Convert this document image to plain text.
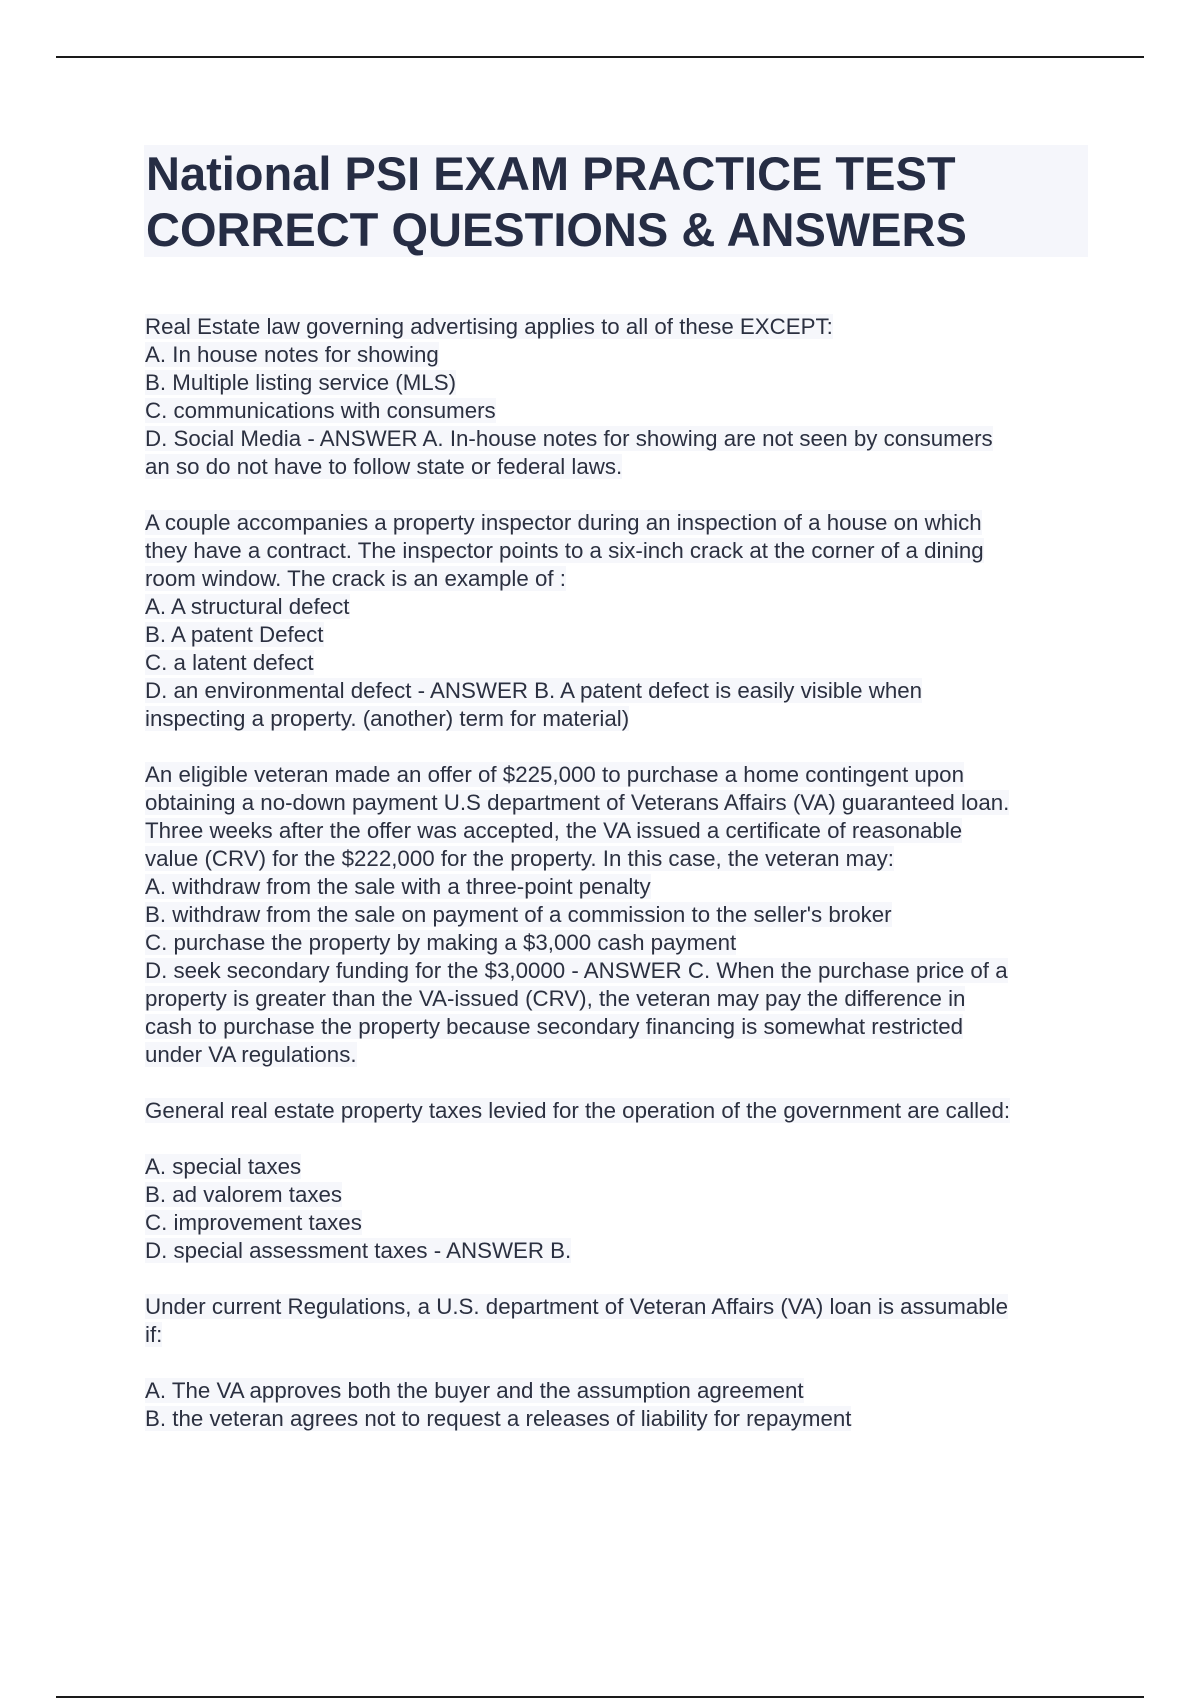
National PSI EXAM PRACTICE TEST
CORRECT QUESTIONS & ANSWERS
Real Estate law governing advertising applies to all of these EXCEPT:
A. In house notes for showing
B. Multiple listing service (MLS)
C. communications with consumers
D. Social Media - ANSWER A. In-house notes for showing are not seen by consumers
an so do not have to follow state or federal laws.
A couple accompanies a property inspector during an inspection of a house on which
they have a contract. The inspector points to a six-inch crack at the corner of a dining
room window. The crack is an example of :
A. A structural defect
B. A patent Defect
C. a latent defect
D. an environmental defect - ANSWER B. A patent defect is easily visible when
inspecting a property. (another) term for material)
An eligible veteran made an offer of $225,000 to purchase a home contingent upon
obtaining a no-down payment U.S department of Veterans Affairs (VA) guaranteed loan.
Three weeks after the offer was accepted, the VA issued a certificate of reasonable
value (CRV) for the $222,000 for the property. In this case, the veteran may:
A. withdraw from the sale with a three-point penalty
B. withdraw from the sale on payment of a commission to the seller's broker
C. purchase the property by making a $3,000 cash payment
D. seek secondary funding for the $3,0000 - ANSWER C. When the purchase price of a
property is greater than the VA-issued (CRV), the veteran may pay the difference in
cash to purchase the property because secondary financing is somewhat restricted
under VA regulations.
General real estate property taxes levied for the operation of the government are called:
A. special taxes
B. ad valorem taxes
C. improvement taxes
D. special assessment taxes - ANSWER B.
Under current Regulations, a U.S. department of Veteran Affairs (VA) loan is assumable
if:
A. The VA approves both the buyer and the assumption agreement
B. the veteran agrees not to request a releases of liability for repayment
